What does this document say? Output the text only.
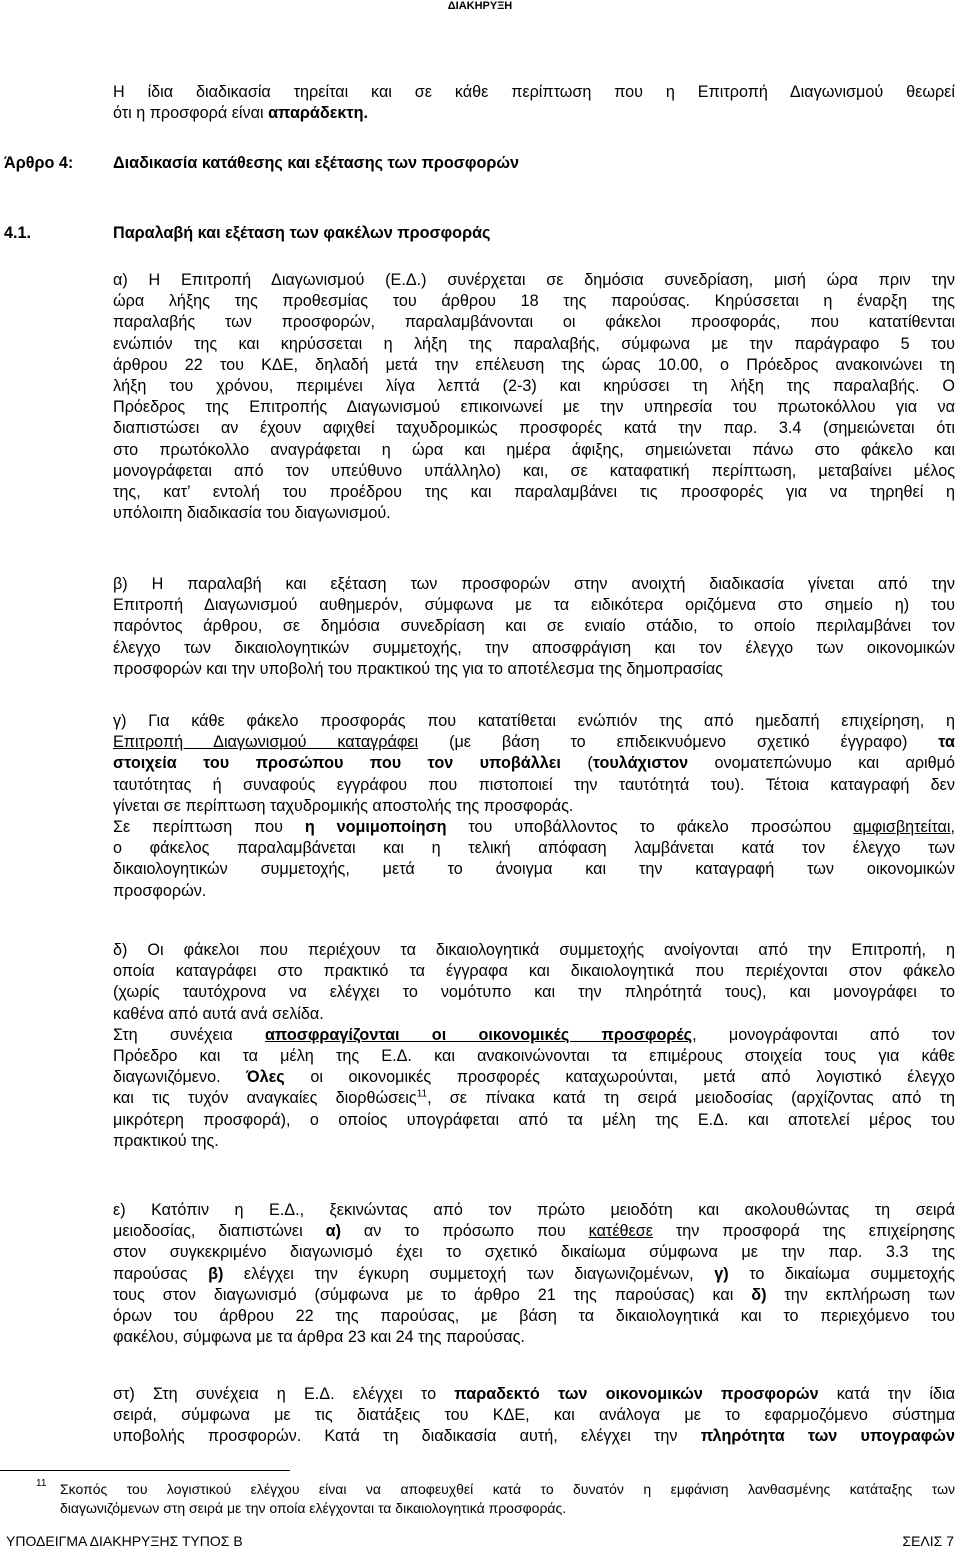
ΔΙΑΚΗΡΥΞΗ
Η ίδια διαδικασία τηρείται και σε κάθε περίπτωση που η Επιτροπή Διαγωνισμού θεωρεί
ότι η προσφορά είναι απαράδεκτη.
Άρθρο 4: Διαδικασία κατάθεσης και εξέτασης των προσφορών
4.1.	Παραλαβή και εξέταση των φακέλων προσφοράς
α) Η Επιτροπή Διαγωνισμού (Ε.Δ.) συνέρχεται σε δημόσια συνεδρίαση, μισή ώρα πριν την
ώρα λήξης της προθεσμίας του άρθρου 18 της παρούσας. Κηρύσσεται η έναρξη της
παραλαβής των προσφορών, παραλαμβάνονται οι φάκελοι προσφοράς, που κατατίθενται
ενώπιόν της και κηρύσσεται η λήξη της παραλαβής, σύμφωνα με την παράγραφο 5 του
άρθρου 22 του ΚΔΕ, δηλαδή μετά την επέλευση της ώρας 10.00, ο Πρόεδρος ανακοινώνει τη
λήξη του χρόνου, περιμένει λίγα λεπτά (2-3) και κηρύσσει τη λήξη της παραλαβής. Ο
Πρόεδρος της Επιτροπής Διαγωνισμού επικοινωνεί με την υπηρεσία του πρωτοκόλλου για να
διαπιστώσει αν έχουν αφιχθεί ταχυδρομικώς προσφορές κατά την παρ. 3.4 (σημειώνεται ότι
στο πρωτόκολλο αναγράφεται η ώρα και ημέρα άφιξης, σημειώνεται πάνω στο φάκελο και
μονογράφεται από τον υπεύθυνο υπάλληλο) και, σε καταφατική περίπτωση, μεταβαίνει μέλος
της, κατ’ εντολή του προέδρου της και παραλαμβάνει τις προσφορές για να τηρηθεί η
υπόλοιπη διαδικασία του διαγωνισμού.
β) Η παραλαβή και εξέταση των προσφορών στην ανοιχτή διαδικασία γίνεται από την
Επιτροπή Διαγωνισμού αυθημερόν, σύμφωνα με τα ειδικότερα οριζόμενα στο σημείο η) του
παρόντος άρθρου, σε δημόσια συνεδρίαση και σε ενιαίο στάδιο, το οποίο περιλαμβάνει τον
έλεγχο των δικαιολογητικών συμμετοχής, την αποσφράγιση και τον έλεγχο των οικονομικών
προσφορών και την υποβολή του πρακτικού της για το αποτέλεσμα της δημοπρασίας
γ) Για κάθε φάκελο προσφοράς που κατατίθεται ενώπιόν της από ημεδαπή επιχείρηση, η
Επιτροπή Διαγωνισμού καταγράφει (με βάση το επιδεικνυόμενο σχετικό έγγραφο) τα
στοιχεία του προσώπου που τον υποβάλλει (τουλάχιστον ονοματεπώνυμο και αριθμό
ταυτότητας ή συναφούς εγγράφου που πιστοποιεί την ταυτότητά του). Τέτοια καταγραφή δεν
γίνεται σε περίπτωση ταχυδρομικής αποστολής της προσφοράς.
Σε περίπτωση που η νομιμοποίηση του υποβάλλοντος το φάκελο προσώπου αμφισβητείται,
ο φάκελος παραλαμβάνεται και η τελική απόφαση λαμβάνεται κατά τον έλεγχο των
δικαιολογητικών συμμετοχής, μετά το άνοιγμα και την καταγραφή των οικονομικών
προσφορών.
δ) Οι φάκελοι που περιέχουν τα δικαιολογητικά συμμετοχής ανοίγονται από την Επιτροπή, η
οποία καταγράφει στο πρακτικό τα έγγραφα και δικαιολογητικά που περιέχονται στον φάκελο
(χωρίς ταυτόχρονα να ελέγχει το νομότυπο και την πληρότητά τους), και μονογράφει το
καθένα από αυτά ανά σελίδα.
Στη συνέχεια αποσφραγίζονται οι οικονομικές προσφορές, μονογράφονται από τον
Πρόεδρο και τα μέλη της Ε.Δ. και ανακοινώνονται τα επιμέρους στοιχεία τους για κάθε
διαγωνιζόμενο. Όλες οι οικονομικές προσφορές καταχωρούνται, μετά από λογιστικό έλεγχο
και τις τυχόν αναγκαίες διορθώσεις$^{11}$, σε πίνακα κατά τη σειρά μειοδοσίας (αρχίζοντας από τη
μικρότερη προσφορά), ο οποίος υπογράφεται από τα μέλη της Ε.Δ. και αποτελεί μέρος του
πρακτικού της.
ε) Κατόπιν η Ε.Δ., ξεκινώντας από τον πρώτο μειοδότη και ακολουθώντας τη σειρά
μειοδοσίας, διαπιστώνει α) αν το πρόσωπο που κατέθεσε την προσφορά της επιχείρησης
στον συγκεκριμένο διαγωνισμό έχει το σχετικό δικαίωμα σύμφωνα με την παρ. 3.3 της
παρούσας β) ελέγχει την έγκυρη συμμετοχή των διαγωνιζομένων, γ) το δικαίωμα συμμετοχής
τους στον διαγωνισμό (σύμφωνα με το άρθρο 21 της παρούσας) και δ) την εκπλήρωση των
όρων του άρθρου 22 της παρούσας, με βάση τα δικαιολογητικά και το περιεχόμενο του
φακέλου, σύμφωνα με τα άρθρα 23 και 24 της παρούσας.
στ) Στη συνέχεια η Ε.Δ. ελέγχει το παραδεκτό των οικονομικών προσφορών κατά την ίδια
σειρά, σύμφωνα με τις διατάξεις του ΚΔΕ, και ανάλογα με το εφαρμοζόμενο σύστημα
υποβολής προσφορών. Κατά τη διαδικασία αυτή, ελέγχει την πληρότητα των υπογραφών
11 Σκοπός του λογιστικού ελέγχου είναι να αποφευχθεί κατά το δυνατόν η εμφάνιση λανθασμένης κατάταξης των
διαγωνιζόμενων στη σειρά με την οποία ελέγχονται τα δικαιολογητικά προσφοράς.
ΥΠΟΔΕΙΓΜΑ ΔΙΑΚΗΡΥΞΗΣ ΤΥΠΟΣ Β	ΣΕΛΙΣ 7
